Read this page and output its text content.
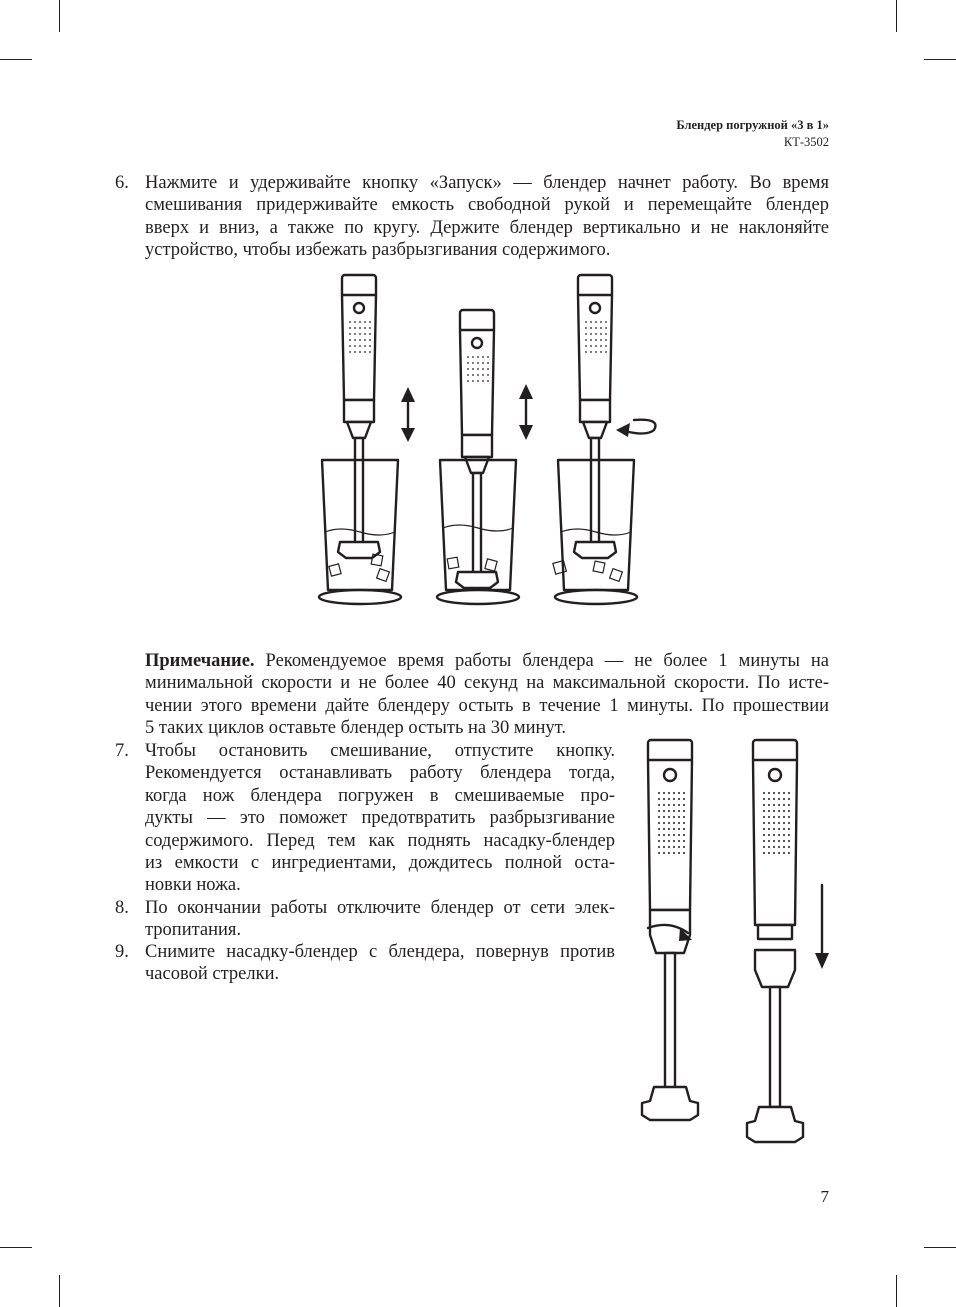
Блендер погружной «3 в 1»
КТ-3502
6. Нажмите и удерживайте кнопку «Запуск» — блендер начнет работу. Во время
смешивания придерживайте емкость свободной рукой и перемещайте блендер
вверх и вниз, а также по кругу. Держите блендер вертикально и не наклоняйте
устройство, чтобы избежать разбрызгивания содержимого.
Примечание. Рекомендуемое время работы блендера — не более 1 минуты на
минимальной скорости и не более 40 секунд на максимальной скорости. По исте-
чении этого времени дайте блендеру остыть в течение 1 минуты. По прошествии
5 таких циклов оставьте блендер остыть на 30 минут.
7. Чтобы остановить смешивание, отпустите кнопку.
Рекомендуется останавливать работу блендера тогда,
когда нож блендера погружен в смешиваемые про-
дукты — это поможет предотвратить разбрызгивание
содержимого. Перед тем как поднять насадку-блендер
из емкости с ингредиентами, дождитесь полной оста-
новки ножа.
8. По окончании работы отключите блендер от сети элек-
тропитания.
9. Снимите насадку-блендер с блендера, повернув против
часовой стрелки.
7
